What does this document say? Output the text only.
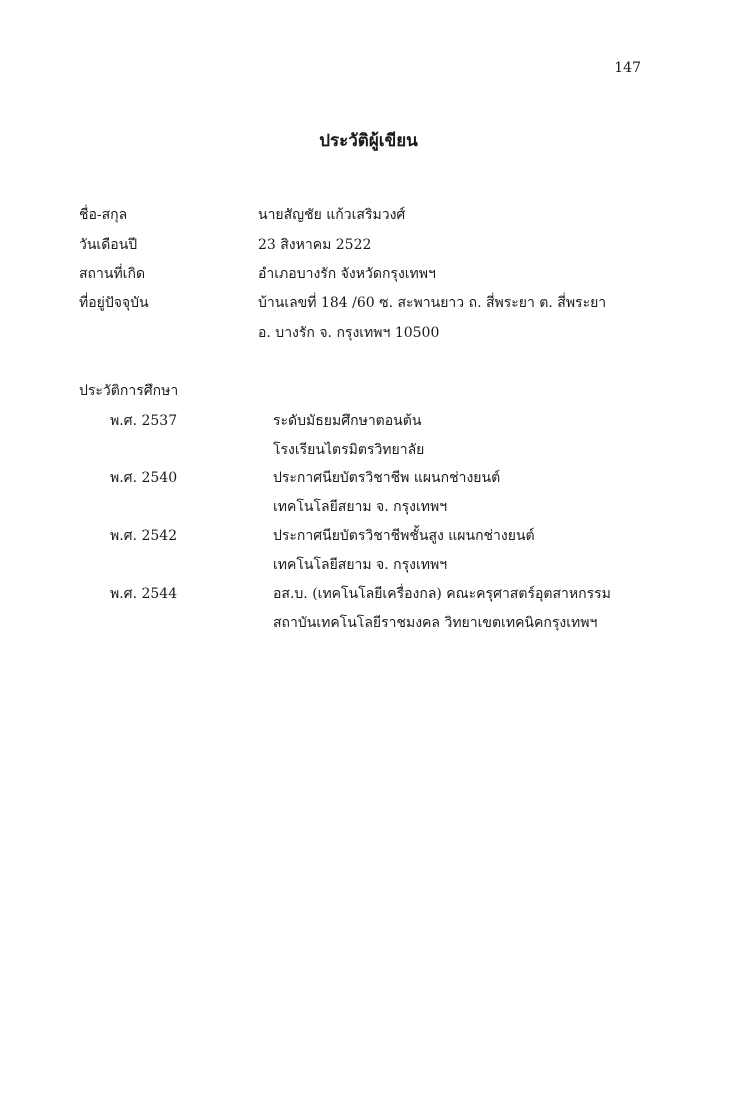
147
ประวัติผู้เขียน
ชื่อ-สกุล	นายสัญชัย แก้วเสริมวงศ์
วันเดือนปี	23 สิงหาคม 2522
สถานที่เกิด	อำเภอบางรัก จังหวัดกรุงเทพฯ
ที่อยู่ปัจจุบัน	บ้านเลขที่ 184 /60 ซ. สะพานยาว ถ. สี่พระยา ต. สี่พระยา
อ. บางรัก จ. กรุงเทพฯ 10500
ประวัติการศึกษา
พ.ศ. 2537	ระดับมัธยมศึกษาตอนต้น
โรงเรียนไตรมิตรวิทยาลัย
พ.ศ. 2540	ประกาศนียบัตรวิชาชีพ แผนกช่างยนต์
เทคโนโลยีสยาม จ. กรุงเทพฯ
พ.ศ. 2542	ประกาศนียบัตรวิชาชีพชั้นสูง แผนกช่างยนต์
เทคโนโลยีสยาม จ. กรุงเทพฯ
พ.ศ. 2544	อส.บ. (เทคโนโลยีเครื่องกล) คณะครุศาสตร์อุตสาหกรรม
สถาบันเทคโนโลยีราชมงคล วิทยาเขตเทคนิคกรุงเทพฯ
